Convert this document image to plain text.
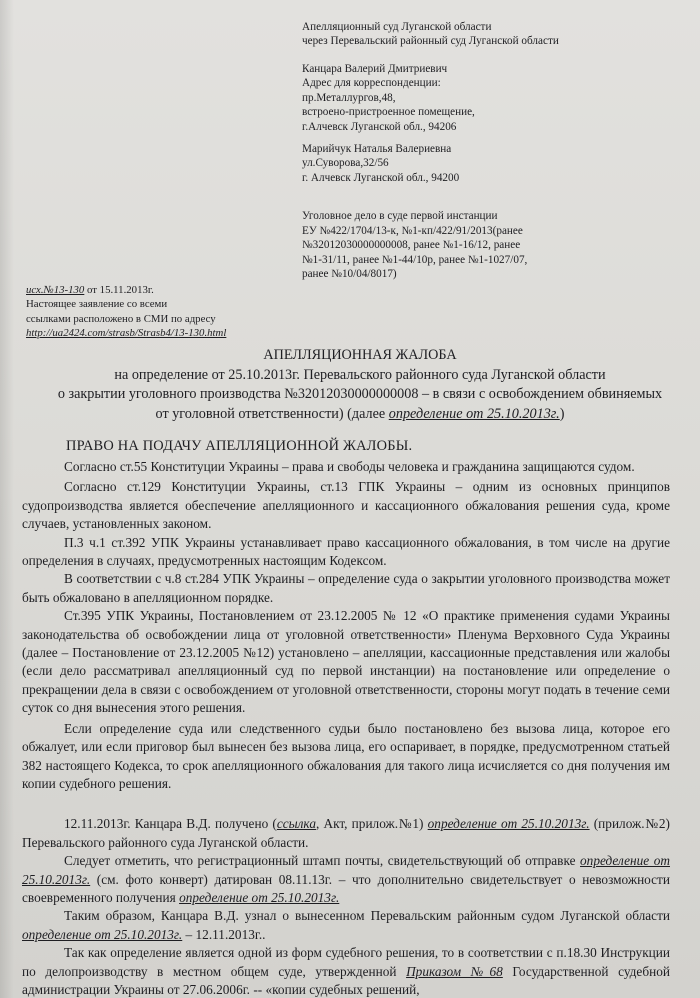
Апелляционный суд Луганской области
через Перевальский районный суд Луганской области
Канцара Валерий Дмитриевич
Адрес для корреспонденции:
пр.Металлургов,48,
встроено-пристроенное помещение,
г.Алчевск Луганской обл., 94206
Марийчук Наталья Валериевна
ул.Суворова,32/56
г. Алчевск Луганской обл., 94200
Уголовное дело в суде первой инстанции
ЕУ №422/1704/13-к, №1-кп/422/91/2013(ранее
№32012030000000008, ранее №1-16/12, ранее
№1-31/11, ранее №1-44/10р, ранее №1-1027/07,
ранее №10/04/8017)
исх.№13-130 от 15.11.2013г.
Настоящее заявление со всеми
ссылками расположено в СМИ по адресу
http://ua2424.com/strasb/Strasb4/13-130.html
АПЕЛЛЯЦИОННАЯ ЖАЛОБА
на определение от 25.10.2013г. Перевальского районного суда Луганской области
о закрытии уголовного производства №32012030000000008 – в связи с освобождением обвиняемых
от уголовной ответственности) (далее определение от 25.10.2013г.)
ПРАВО НА ПОДАЧУ АПЕЛЛЯЦИОННОЙ ЖАЛОБЫ.

Согласно ст.55 Конституции Украины – права и свободы человека и гражданина защищаются судом.

Согласно ст.129 Конституции Украины, ст.13 ГПК Украины – одним из основных принципов судопроизводства является обеспечение апелляционного и кассационного обжалования решения суда, кроме случаев, установленных законом.

П.3 ч.1 ст.392 УПК Украины устанавливает право кассационного обжалования, в том числе на другие определения в случаях, предусмотренных настоящим Кодексом.

В соответствии с ч.8 ст.284 УПК Украины – определение суда о закрытии уголовного производства может быть обжаловано в апелляционном порядке.

Ст.395 УПК Украины, Постановлением от 23.12.2005 № 12 «О практике применения судами Украины законодательства об освобождении лица от уголовной ответственности» Пленума Верховного Суда Украины (далее – Постановление от 23.12.2005 №12) установлено – апелляции, кассационные представления или жалобы (если дело рассматривал апелляционный суд по первой инстанции) на постановление или определение о прекращении дела в связи с освобождением от уголовной ответственности, стороны могут подать в течение семи суток со дня вынесения этого решения.

Если определение суда или следственного судьи было постановлено без вызова лица, которое его обжалует, или если приговор был вынесен без вызова лица, его оспаривает, в порядке, предусмотренном статьей 382 настоящего Кодекса, то срок апелляционного обжалования для такого лица исчисляется со дня получения им копии судебного решения.

12.11.2013г. Канцара В.Д. получено (ссылка, Акт, прилож.№1) определение от 25.10.2013г. (прилож.№2) Перевальского районного суда Луганской области.

Следует отметить, что регистрационный штамп почты, свидетельствующий об отправке определение от 25.10.2013г. (см. фото конверт) датирован 08.11.13г. – что дополнительно свидетельствует о невозможности своевременного получения определение от 25.10.2013г.

Таким образом, Канцара В.Д. узнал о вынесенном Перевальским районным судом Луганской области определение от 25.10.2013г. – 12.11.2013г..

Так как определение является одной из форм судебного решения, то в соответствии с п.18.30 Инструкции по делопроизводству в местном общем суде, утвержденной Приказом №68 Государственной судебной администрации Украины от 27.06.2006г. -- «копии судебных решений,
